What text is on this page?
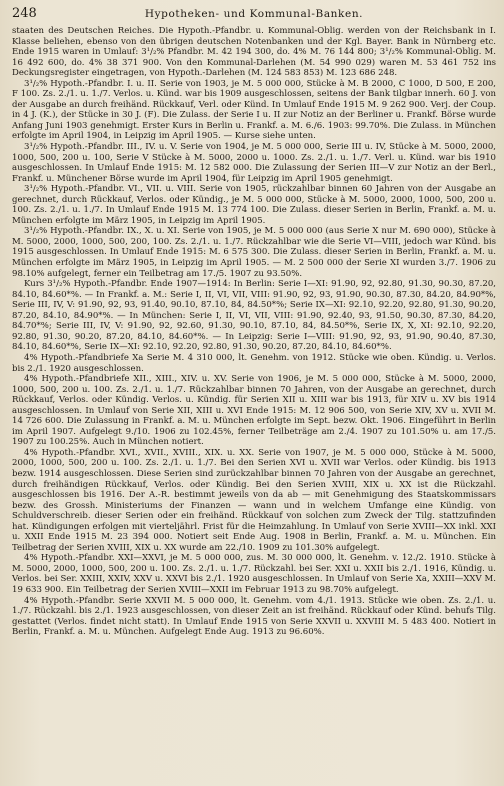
248	Hypotheken- und Kommunal-Banken.

staaten des Deutschen Reiches. Die Hypoth.-Pfandbr. u. Kommunal-Oblig. werden von der Reichsbank in I. Klasse beliehen, ebenso von den übrigen deutschen Notenbanken und der Kgl. Bayer. Bank in Nürnberg etc. Ende 1915 waren in Umlauf: 3¹/₂% Pfandbr. M. 42 194 300, do. 4% M. 76 144 800; 3¹/₂% Kommunal-Oblig. M. 16 492 600, do. 4% 38 371 900. Von den Kommunal-Darlehen (M. 54 990 029) waren M. 53 461 752 ins Deckungsregister eingetragen, von Hypoth.-Darlehen (M. 124 583 853) M. 123 686 248.

3¹/₂% Hypoth.-Pfandbr. I. u. II. Serie von 1903, je M. 5 000 000, Stücke à M. B 2000, C 1000, D 500, E 200, F 100. Zs. 2./1. u. 1./7. Verlos. u. Künd. war bis 1909 ausgeschlossen, seitens der Bank tilgbar innerh. 60 J. von der Ausgabe an durch freihänd. Rückkauf, Verl. oder Künd. In Umlauf Ende 1915 M. 9 262 900. Verj. der Coup. in 4 J. (K.), der Stücke in 30 J. (F). Die Zulass. der Serie I u. II zur Notiz an der Berliner u. Frankf. Börse wurde Anfang Juni 1903 genehmigt. Erster Kurs in Berlin u. Frankf. a. M. 6./6. 1903: 99.70%. Die Zulass. in München erfolgte im April 1904, in Leipzig im April 1905. — Kurse siehe unten.

3¹/₂% Hypoth.-Pfandbr. III., IV. u. V. Serie von 1904, je M. 5 000 000, Serie III u. IV, Stücke à M. 5000, 2000, 1000, 500, 200 u. 100, Serie V Stücke à M. 5000, 2000 u. 1000. Zs. 2./1. u. 1./7. Verl. u. Künd. war bis 1910 ausgeschlossen. In Umlauf Ende 1915: M. 12 582 000. Die Zulassung der Serien III—V zur Notiz an der Berl., Frankf. u. Münchener Börse wurde im April 1904, für Leipzig im April 1905 genehmigt.

3¹/₂% Hypoth.-Pfandbr. VI., VII. u. VIII. Serie von 1905, rückzahlbar binnen 60 Jahren von der Ausgabe an gerechnet, durch Rückkauf, Verlos. oder Kündig., je M. 5 000 000, Stücke à M. 5000, 2000, 1000, 500, 200 u. 100. Zs. 2./1. u. 1./7. In Umlauf Ende 1915 M. 13 774 100. Die Zulass. dieser Serien in Berlin, Frankf. a. M. u. München erfolgte im März 1905, in Leipzig im April 1905.

3¹/₂% Hypoth.-Pfandbr. IX., X. u. XI. Serie von 1905, je M. 5 000 000 (aus Serie X nur M. 690 000), Stücke à M. 5000, 2000, 1000, 500, 200, 100. Zs. 2./1. u. 1./7. Rückzahlbar wie die Serie VI—VIII, jedoch war Künd. bis 1915 ausgeschlossen. In Umlauf Ende 1915: M. 6 575 300. Die Zulass. dieser Serien in Berlin, Frankf. a. M. u. München erfolgte im März 1905, in Leipzig im April 1905. — M. 2 500 000 der Serie XI wurden 3./7. 1906 zu 98.10% aufgelegt, ferner ein Teilbetrag am 17./5. 1907 zu 93.50%.

Kurs 3¹/₂% Hypoth.-Pfandbr. Ende 1907—1914: In Berlin: Serie I—XI: 91.90, 92, 92.80, 91.30, 90.30, 87.20, 84.10, 84.60*%. — In Frankf. a. M.: Serie I, II, VI, VII, VIII: 91.90, 92, 93, 91.90, 90.30, 87.30, 84.20, 84.90*%, Serie III, IV, V: 91.90, 92, 93, 91.40, 90.10, 87.10, 84, 84.50*%; Serie IX—XI: 92.10, 92.20, 92.80, 91.30, 90.20, 87.20, 84.10, 84.90*%. — In München: Serie I, II, VI, VII, VIII: 91.90, 92.40, 93, 91.50, 90.30, 87.30, 84.20, 84.70*%; Serie III, IV, V: 91.90, 92, 92.60, 91.30, 90.10, 87.10, 84, 84.50*%, Serie IX, X, XI: 92.10, 92.20, 92.80, 91.30, 90.20, 87.20, 84.10, 84.60*%. — In Leipzig: Serie I—VIII: 91.90, 92, 93, 91.90, 90.40, 87.30, 84.10, 84.60*%, Serie IX—XI: 92.10, 92.20, 92.80, 91.30, 90.20, 87.20, 84.10, 84.60*%.

4% Hypoth.-Pfandbriefe Xa Serie M. 4 310 000, lt. Genehm. von 1912. Stücke wie oben. Kündig. u. Verlos. bis 2./1. 1920 ausgeschlossen.

4% Hypoth.-Pfandbriefe XII., XIII., XIV. u. XV. Serie von 1906, je M. 5 000 000, Stücke à M. 5000, 2000, 1000, 500, 200 u. 100. Zs. 2./1. u. 1./7. Rückzahlbar binnen 70 Jahren, von der Ausgabe an gerechnet, durch Rückkauf, Verlos. oder Kündig. Verlos. u. Kündig. für Serien XII u. XIII war bis 1913, für XIV u. XV bis 1914 ausgeschlossen. In Umlauf von Serie XII, XIII u. XVI Ende 1915: M. 12 906 500, von Serie XIV, XV u. XVII M. 14 726 600. Die Zulassung in Frankf. a. M. u. München erfolgte im Sept. bezw. Okt. 1906. Eingeführt in Berlin im April 1907. Aufgelegt 9./10. 1906 zu 102.45%, ferner Teilbeträge am 2./4. 1907 zu 101.50% u. am 17./5. 1907 zu 100.25%. Auch in München notiert.

4% Hypoth.-Pfandbr. XVI., XVII., XVIII., XIX. u. XX. Serie von 1907, je M. 5 000 000, Stücke à M. 5000, 2000, 1000, 500, 200 u. 100. Zs. 2./1. u. 1./7. Bei den Serien XVI u. XVII war Verlos. oder Kündig. bis 1913 bezw. 1914 ausgeschlossen. Diese Serien sind zurückzahlbar binnen 70 Jahren von der Ausgabe an gerechnet, durch freihändigen Rückkauf, Verlos. oder Kündig. Bei den Serien XVIII, XIX u. XX ist die Rückzahl. ausgeschlossen bis 1916. Der A.-R. bestimmt jeweils von da ab — mit Genehmigung des Staatskommissars bezw. des Grossh. Ministeriums der Finanzen — wann und in welchem Umfange eine Kündig. von Schuldverschreib. dieser Serien oder ein freihänd. Rückkauf von solchen zum Zweck der Tilg. stattzufinden hat. Kündigungen erfolgen mit vierteljährl. Frist für die Heimzahlung. In Umlauf von Serie XVIII—XX inkl. XXI u. XXII Ende 1915 M. 23 394 000. Notiert seit Ende Aug. 1908 in Berlin, Frankf. a. M. u. München. Ein Teilbetrag der Serien XVIII, XIX u. XX wurde am 22./10. 1909 zu 101.30% aufgelegt.

4% Hypoth.-Pfandbr. XXI—XXVI, je M. 5 000 000, zus. M. 30 000 000, lt. Genehm. v. 12./2. 1910. Stücke à M. 5000, 2000, 1000, 500, 200 u. 100. Zs. 2./1. u. 1./7. Rückzahl. bei Ser. XXI u. XXII bis 2./1. 1916, Kündig. u. Verlos. bei Ser. XXIII, XXIV, XXV u. XXVI bis 2./1. 1920 ausgeschlossen. In Umlauf von Serie Xa, XXIII—XXV M. 19 633 900. Ein Teilbetrag der Serien XVIII—XXII im Februar 1913 zu 98.70% aufgelegt.

4% Hypoth.-Pfandbr. Serie XXVII M. 5 000 000, lt. Genehm. vom 4./1. 1913. Stücke wie oben. Zs. 2./1. u. 1./7. Rückzahl. bis 2./1. 1923 ausgeschlossen, von dieser Zeit an ist freihänd. Rückkauf oder Künd. behufs Tilg. gestattet (Verlos. findet nicht statt). In Umlauf Ende 1915 von Serie XXVII u. XXVIII M. 5 483 400. Notiert in Berlin, Frankf. a. M. u. München. Aufgelegt Ende Aug. 1913 zu 96.60%.
